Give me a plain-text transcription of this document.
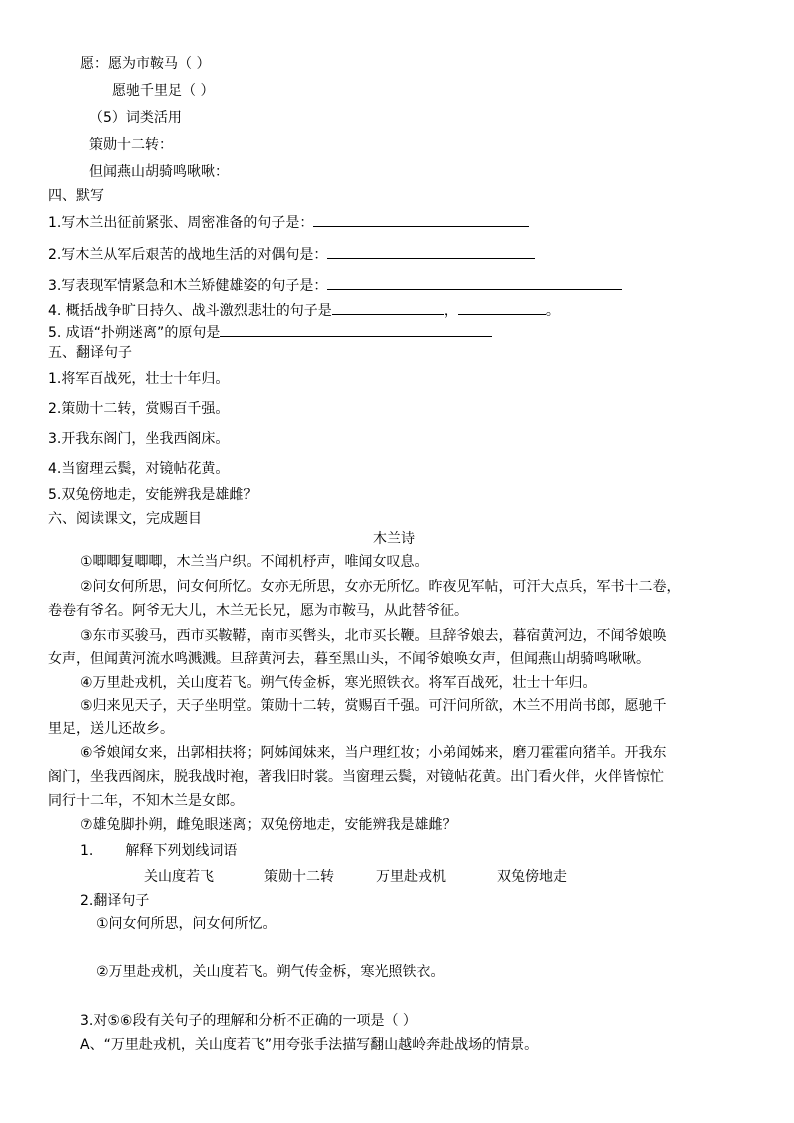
愿：愿为市鞍马（ ）
愿驰千里足（ ）
（5）词类活用
策勋十二转：
但闻燕山胡骑鸣啾啾：
四、默写
1.写木兰出征前紧张、周密准备的句子是：
2.写木兰从军后艰苦的战地生活的对偶句是：
3.写表现军情紧急和木兰矫健雄姿的句子是：
4. 概括战争旷日持久、战斗激烈悲壮的句子是	，	。
5. 成语“扑朔迷离”的原句是
五、翻译句子
1.将军百战死，壮士十年归。
2.策勋十二转，赏赐百千强。
3.开我东阁门，坐我西阁床。
4.当窗理云鬓，对镜帖花黄。
5.双兔傍地走，安能辨我是雄雌？
六、阅读课文，完成题目
木兰诗
①唧唧复唧唧，木兰当户织。不闻机杼声，唯闻女叹息。
②问女何所思，问女何所忆。女亦无所思，女亦无所忆。昨夜见军帖，可汗大点兵，军书十二卷，
卷卷有爷名。阿爷无大儿，木兰无长兄，愿为市鞍马，从此替爷征。
③东市买骏马，西市买鞍鞯，南市买辔头，北市买长鞭。旦辞爷娘去，暮宿黄河边，不闻爷娘唤
女声，但闻黄河流水鸣溅溅。旦辞黄河去，暮至黑山头，不闻爷娘唤女声，但闻燕山胡骑鸣啾啾。
④万里赴戎机，关山度若飞。朔气传金柝，寒光照铁衣。将军百战死，壮士十年归。
⑤归来见天子，天子坐明堂。策勋十二转，赏赐百千强。可汗问所欲，木兰不用尚书郎，愿驰千
里足，送儿还故乡。
⑥爷娘闻女来，出郭相扶将；阿姊闻妹来，当户理红妆；小弟闻姊来，磨刀霍霍向猪羊。开我东
阁门，坐我西阁床，脱我战时袍，著我旧时裳。当窗理云鬓，对镜帖花黄。出门看火伴，火伴皆惊忙
同行十二年，不知木兰是女郎。
⑦雄兔脚扑朔，雌兔眼迷离；双兔傍地走，安能辨我是雄雌？
1. 解释下列划线词语
关山度若飞	策勋十二转	万里赴戎机	双兔傍地走
2.翻译句子
①问女何所思，问女何所忆。
②万里赴戎机，关山度若飞。朔气传金柝，寒光照铁衣。
3.对⑤⑥段有关句子的理解和分析不正确的一项是（ ）
A、“万里赴戎机，关山度若飞”用夸张手法描写翻山越岭奔赴战场的情景。
